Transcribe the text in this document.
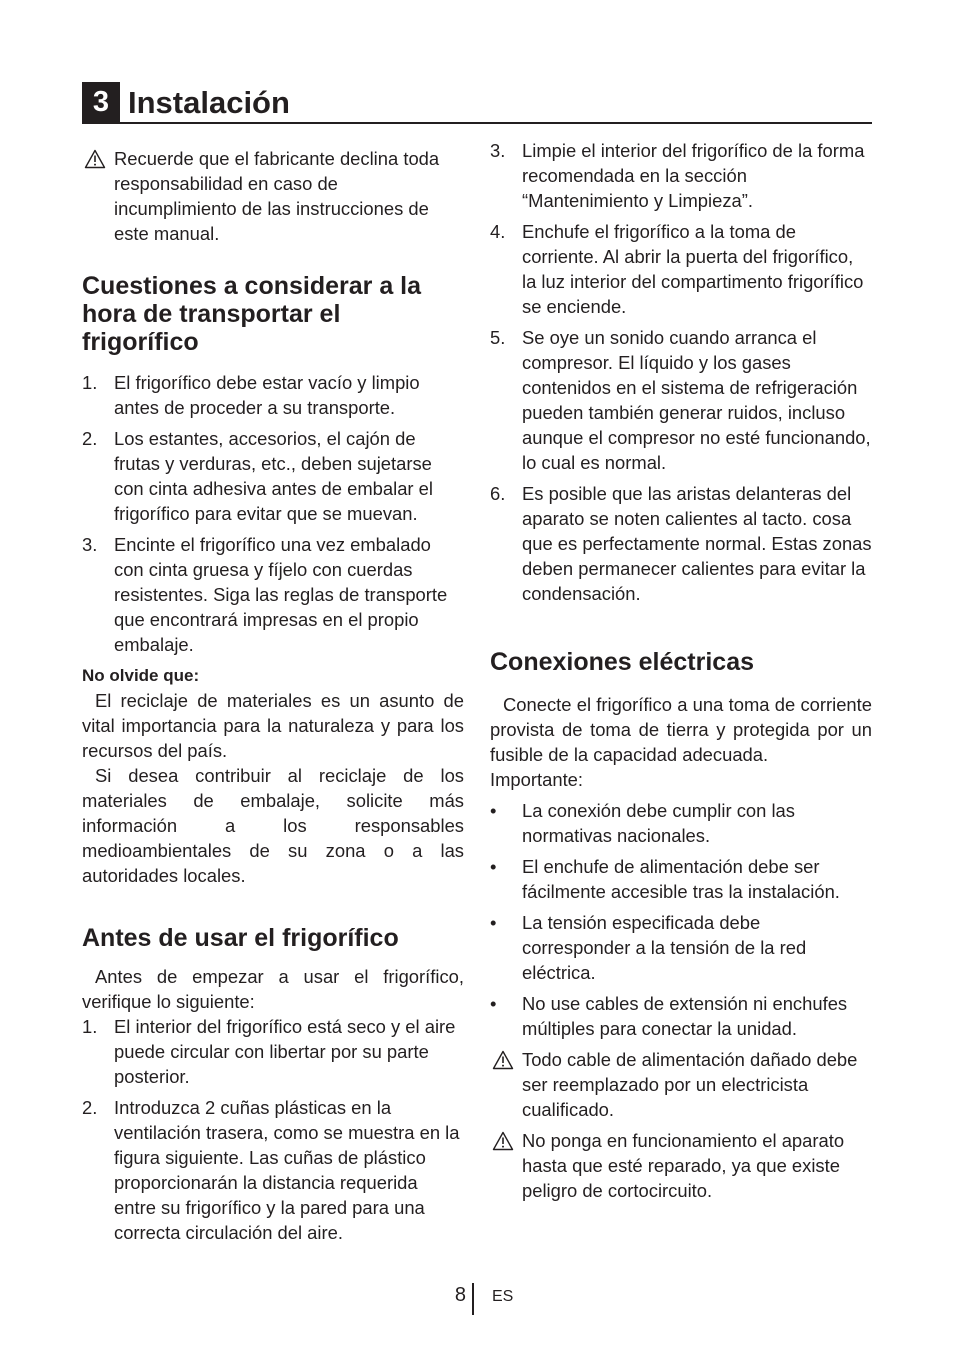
3 Instalación
Recuerde que el fabricante declina toda responsabilidad en caso de incumplimiento de las instrucciones de este manual.
Cuestiones a considerar a la hora de transportar el frigorífico
1. El frigorífico debe estar vacío y limpio antes de proceder a su transporte.
2. Los estantes, accesorios, el cajón de frutas y verduras, etc., deben sujetarse con cinta adhesiva antes de embalar el frigorífico para evitar que se muevan.
3. Encinte el frigorífico una vez embalado con cinta gruesa y fíjelo con cuerdas resistentes. Siga las reglas de transporte que encontrará impresas en el propio embalaje.
No olvide que:

El reciclaje de materiales es un asunto de vital importancia para la naturaleza y para los recursos del país.

Si desea contribuir al reciclaje de los materiales de embalaje, solicite más información a los responsables medioambientales de su zona o a las autoridades locales.

Antes de usar el frigorífico

Antes de empezar a usar el frigorífico, verifique lo siguiente:

1. El interior del frigorífico está seco y el aire puede circular con libertar por su parte posterior.
2. Introduzca 2 cuñas plásticas en la ventilación trasera, como se muestra en la figura siguiente. Las cuñas de plástico proporcionarán la distancia requerida entre su frigorífico y la pared para una correcta circulación del aire.
3. Limpie el interior del frigorífico de la forma recomendada en la sección “Mantenimiento y Limpieza”.
4. Enchufe el frigorífico a la toma de corriente. Al abrir la puerta del frigorífico, la luz interior del compartimento frigorífico se enciende.
5. Se oye un sonido cuando arranca el compresor. El líquido y los gases contenidos en el sistema de refrigeración pueden también generar ruidos, incluso aunque el compresor no esté funcionando, lo cual es normal.
6. Es posible que las aristas delanteras del aparato se noten calientes al tacto. cosa que es perfectamente normal. Estas zonas deben permanecer calientes para evitar la condensación.
Conexiones eléctricas

Conecte el frigorífico a una toma de corriente provista de toma de tierra y protegida por un fusible de la capacidad adecuada.

Importante:

• La conexión debe cumplir con las normativas nacionales.
• El enchufe de alimentación debe ser fácilmente accesible tras la instalación.
• La tensión especificada debe corresponder a la tensión de la red eléctrica.
• No use cables de extensión ni enchufes múltiples para conectar la unidad.
Todo cable de alimentación dañado debe ser reemplazado por un electricista cualificado.
No ponga en funcionamiento el aparato hasta que esté reparado, ya que existe peligro de cortocircuito.
8 ES
